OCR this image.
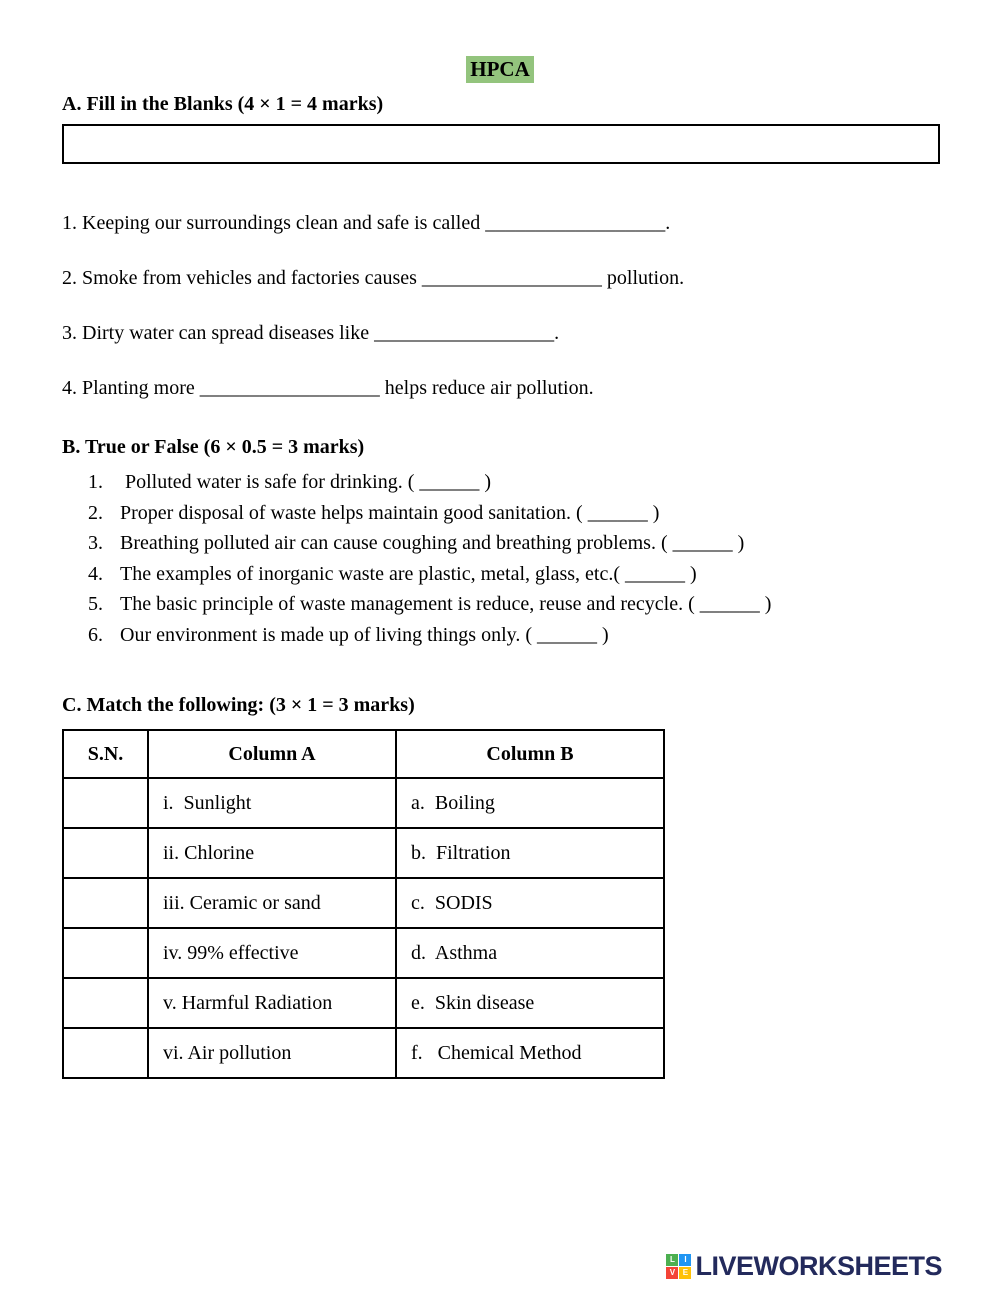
HPCA
A. Fill in the Blanks (4 × 1 = 4 marks)
1. Keeping our surroundings clean and safe is called __________________.
2. Smoke from vehicles and factories causes __________________ pollution.
3. Dirty water can spread diseases like __________________.
4. Planting more __________________ helps reduce air pollution.
B. True or False (6 × 0.5 = 3 marks)
1. Polluted water is safe for drinking. ( ______ )
2. Proper disposal of waste helps maintain good sanitation. ( ______ )
3. Breathing polluted air can cause coughing and breathing problems. ( ______ )
4. The examples of inorganic waste are plastic, metal, glass, etc.( ______ )
5. The basic principle of waste management is reduce, reuse and recycle. ( ______ )
6. Our environment is made up of living things only. ( ______ )
C. Match the following: (3 × 1 = 3 marks)
S.N.	Column A	Column B
	i.  Sunlight	a.  Boiling
	ii. Chlorine	b.  Filtration
	iii. Ceramic or sand	c.  SODIS
	iv. 99% effective	d.  Asthma
	v. Harmful Radiation	e.  Skin disease
	vi. Air pollution	f.   Chemical Method
L	I
V E LIVEWORKSHEETS
